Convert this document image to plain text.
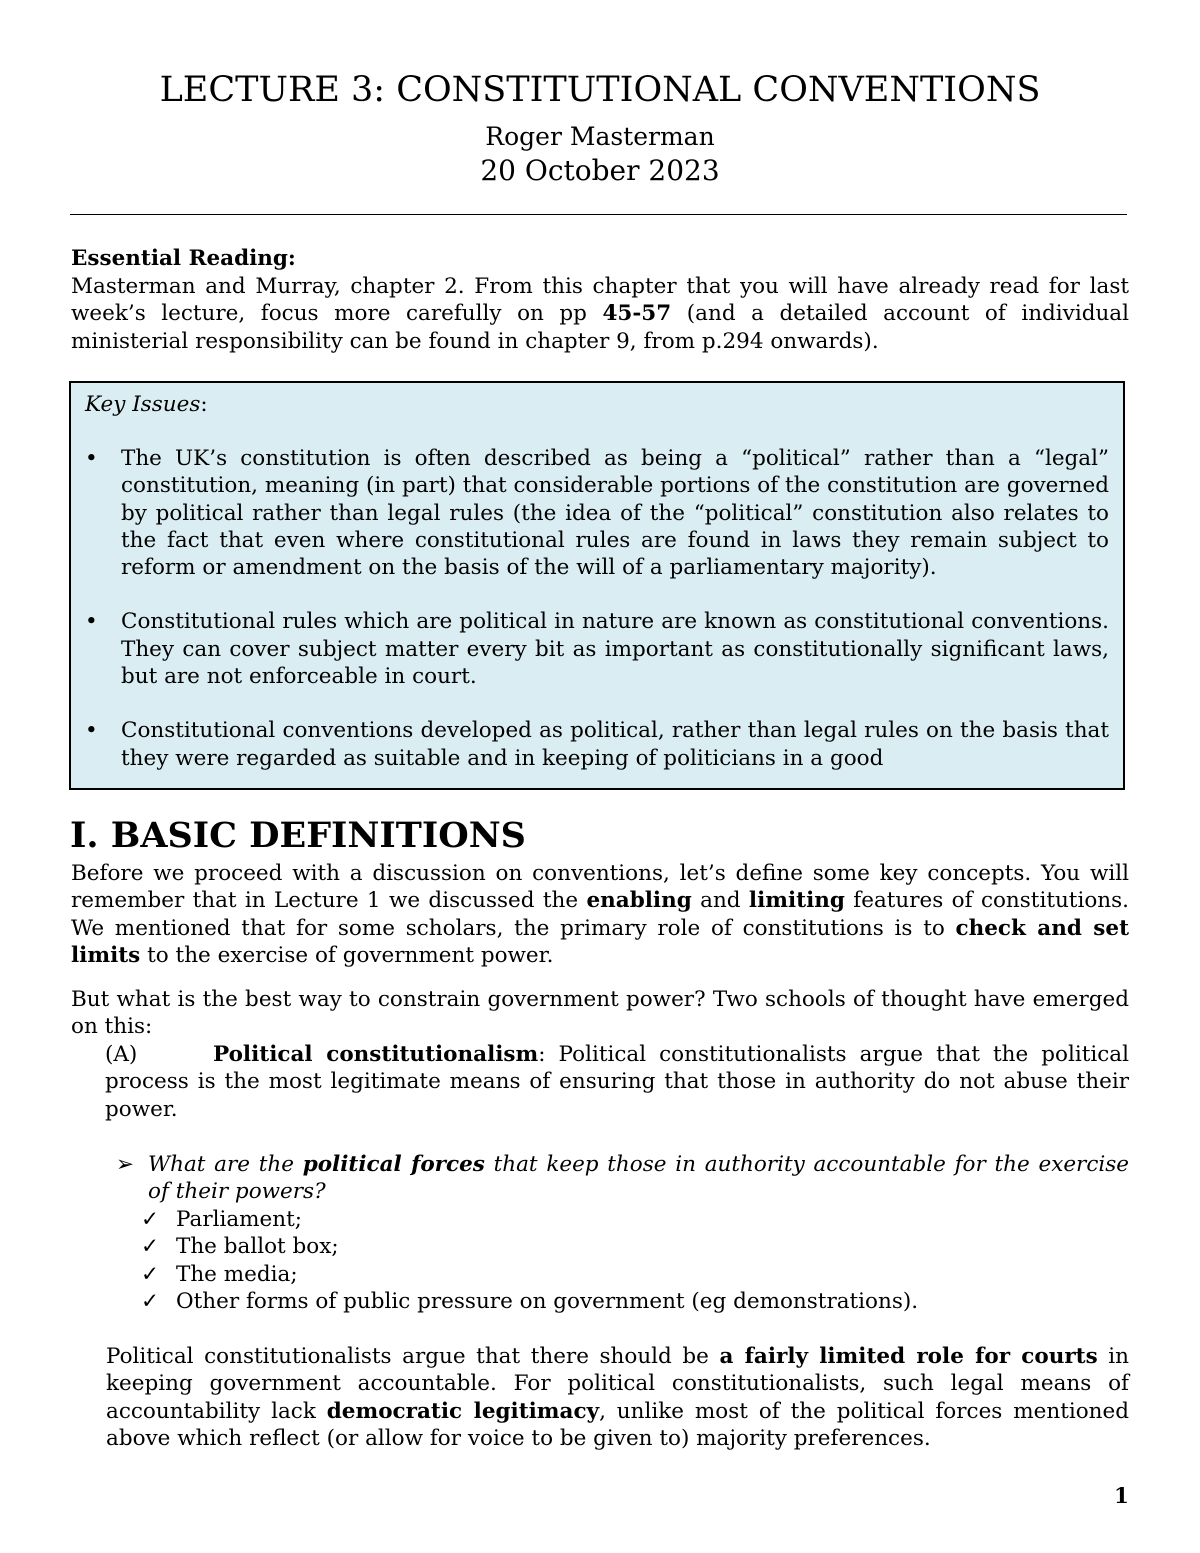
LECTURE 3: CONSTITUTIONAL CONVENTIONS
Roger Masterman
20 October 2023
Essential Reading:
Masterman and Murray, chapter 2. From this chapter that you will have already read for last week’s lecture, focus more carefully on pp 45-57 (and a detailed account of individual ministerial responsibility can be found in chapter 9, from p.294 onwards).
Key Issues:
• The UK’s constitution is often described as being a “political” rather than a “legal” constitution, meaning (in part) that considerable portions of the constitution are governed by political rather than legal rules (the idea of the “political” constitution also relates to the fact that even where constitutional rules are found in laws they remain subject to reform or amendment on the basis of the will of a parliamentary majority).
• Constitutional rules which are political in nature are known as constitutional conventions. They can cover subject matter every bit as important as constitutionally significant laws, but are not enforceable in court.
• Constitutional conventions developed as political, rather than legal rules on the basis that they were regarded as suitable and in keeping of politicians in a good
I. BASIC DEFINITIONS
Before we proceed with a discussion on conventions, let’s define some key concepts. You will remember that in Lecture 1 we discussed the enabling and limiting features of constitutions. We mentioned that for some scholars, the primary role of constitutions is to check and set limits to the exercise of government power.
But what is the best way to constrain government power? Two schools of thought have emerged on this:
(A)	Political constitutionalism: Political constitutionalists argue that the political process is the most legitimate means of ensuring that those in authority do not abuse their power.
➢ What are the political forces that keep those in authority accountable for the exercise of their powers?
✓ Parliament;
✓ The ballot box;
✓ The media;
✓ Other forms of public pressure on government (eg demonstrations).
Political constitutionalists argue that there should be a fairly limited role for courts in keeping government accountable. For political constitutionalists, such legal means of accountability lack democratic legitimacy, unlike most of the political forces mentioned above which reflect (or allow for voice to be given to) majority preferences.
1
